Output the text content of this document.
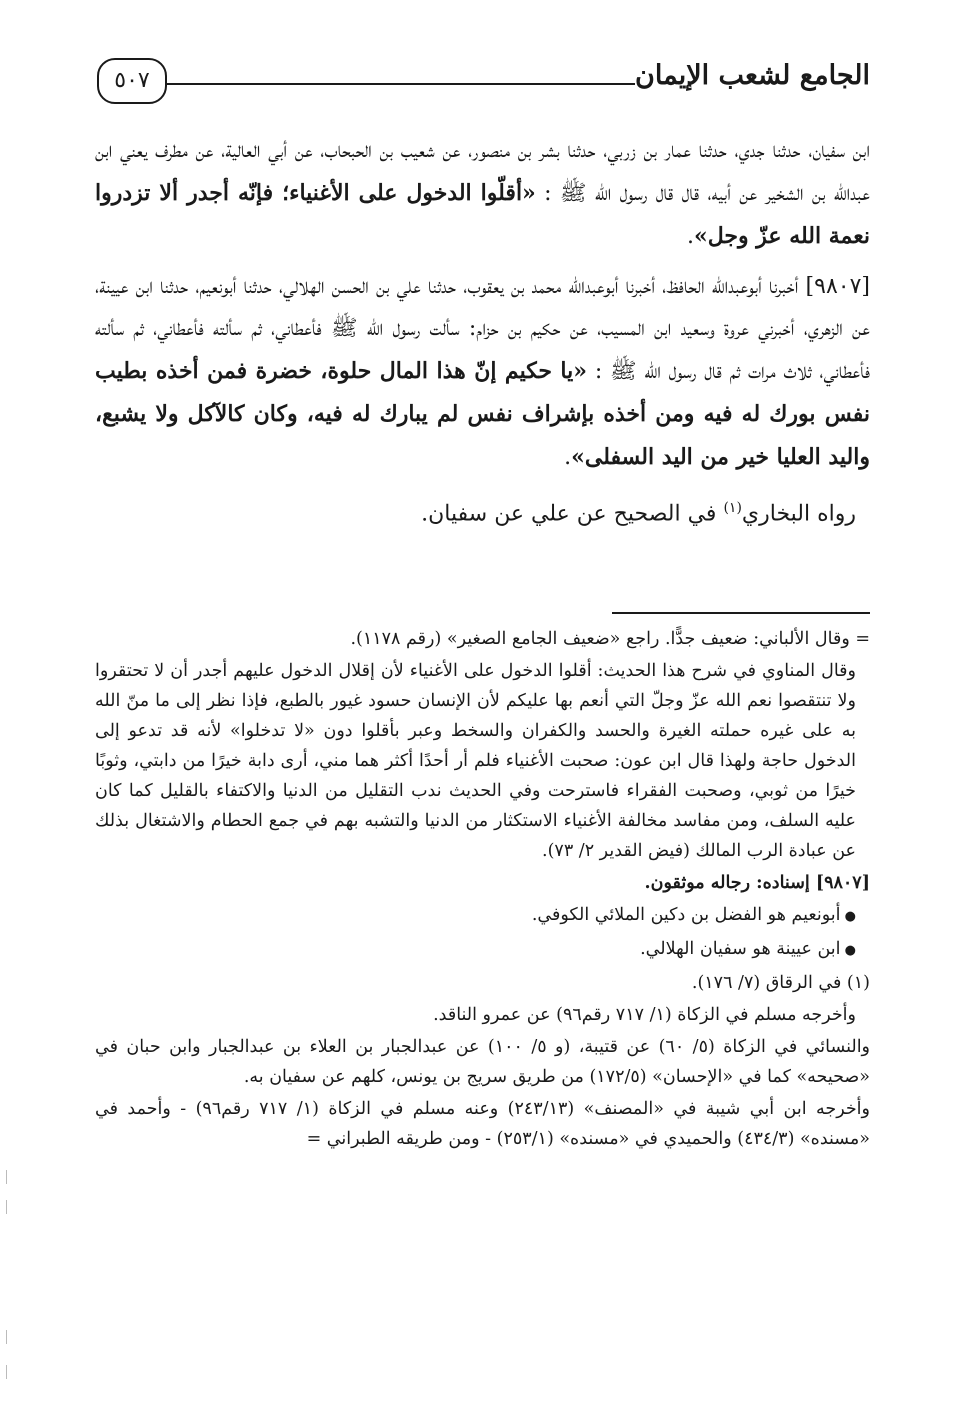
الجامع لشعب الإيمان
٥٠٧

ابن سفيان، حدثنا جدي، حدثنا عمار بن زربي، حدثنا بشر بن منصور، عن شعيب بن الحبحاب، عن أبي العالية، عن مطرف يعني ابن عبدالله بن الشخير عن أبيه، قال قال رسول الله ﷺ : «أقلّوا الدخول على الأغنياء؛ فإنّه أجدر ألا تزدروا نعمة الله عزّ وجل».

[٩٨٠٧] أخبرنا أبوعبدالله الحافظ، أخبرنا أبوعبدالله محمد بن يعقوب، حدثنا علي بن الحسن الهلالي، حدثنا أبونعيم، حدثنا ابن عيينة، عن الزهري، أخبرني عروة وسعيد ابن المسيب، عن حكيم بن حزام: سألت رسول الله ﷺ فأعطاني، ثم سألته فأعطاني، ثم سألته فأعطاني، ثلاث مرات ثم قال رسول الله ﷺ : «يا حكيم إنّ هذا المال حلوة، خضرة فمن أخذه بطيب نفس بورك له فيه ومن أخذه بإشراف نفس لم يبارك له فيه، وكان كالآكل ولا يشبع، واليد العليا خير من اليد السفلى».

رواه البخاري$^{(١)}$ في الصحيح عن علي عن سفيان.

= وقال الألباني: ضعيف جدًّا. راجع «ضعيف الجامع الصغير» (رقم ١١٧٨).

وقال المناوي في شرح هذا الحديث: أقلوا الدخول على الأغنياء لأن إقلال الدخول عليهم أجدر أن لا تحتقروا ولا تنتقصوا نعم الله عزّ وجلّ التي أنعم بها عليكم لأن الإنسان حسود غيور بالطبع، فإذا نظر إلى ما منّ الله به على غيره حملته الغيرة والحسد والكفران والسخط وعبر بأقلوا دون «لا تدخلوا» لأنه قد تدعو إلى الدخول حاجة ولهذا قال ابن عون: صحبت الأغنياء فلم أر أحدًا أكثر هما مني، أرى دابة خيرًا من دابتي، وثوبًا خيرًا من ثوبي، وصحبت الفقراء فاسترحت وفي الحديث ندب التقليل من الدنيا والاكتفاء بالقليل كما كان عليه السلف، ومن مفاسد مخالفة الأغنياء الاستكثار من الدنيا والتشبه بهم في جمع الحطام والاشتغال بذلك عن عبادة الرب المالك (فيض القدير ٢/ ٧٣).

[٩٨٠٧] إسناده: رجاله موثقون.

● أبونعيم هو الفضل بن دكين الملائي الكوفي.

● ابن عيينة هو سفيان الهلالي.

(١) في الرقاق (٧/ ١٧٦).

وأخرجه مسلم في الزكاة (١/ ٧١٧ رقم٩٦) عن عمرو الناقد.

والنسائي في الزكاة (٥/ ٦٠) عن قتيبة، (و ٥/ ١٠٠) عن عبدالجبار بن العلاء بن عبدالجبار وابن حبان في «صحيحه» كما في «الإحسان» (١٧٢/٥) من طريق سريج بن يونس، كلهم عن سفيان به.

وأخرجه ابن أبي شيبة في «المصنف» (٢٤٣/١٣) وعنه مسلم في الزكاة (١/ ٧١٧ رقم٩٦) - وأحمد في «مسنده» (٤٣٤/٣) والحميدي في «مسنده» (٢٥٣/١) - ومن طريقه الطبراني =
